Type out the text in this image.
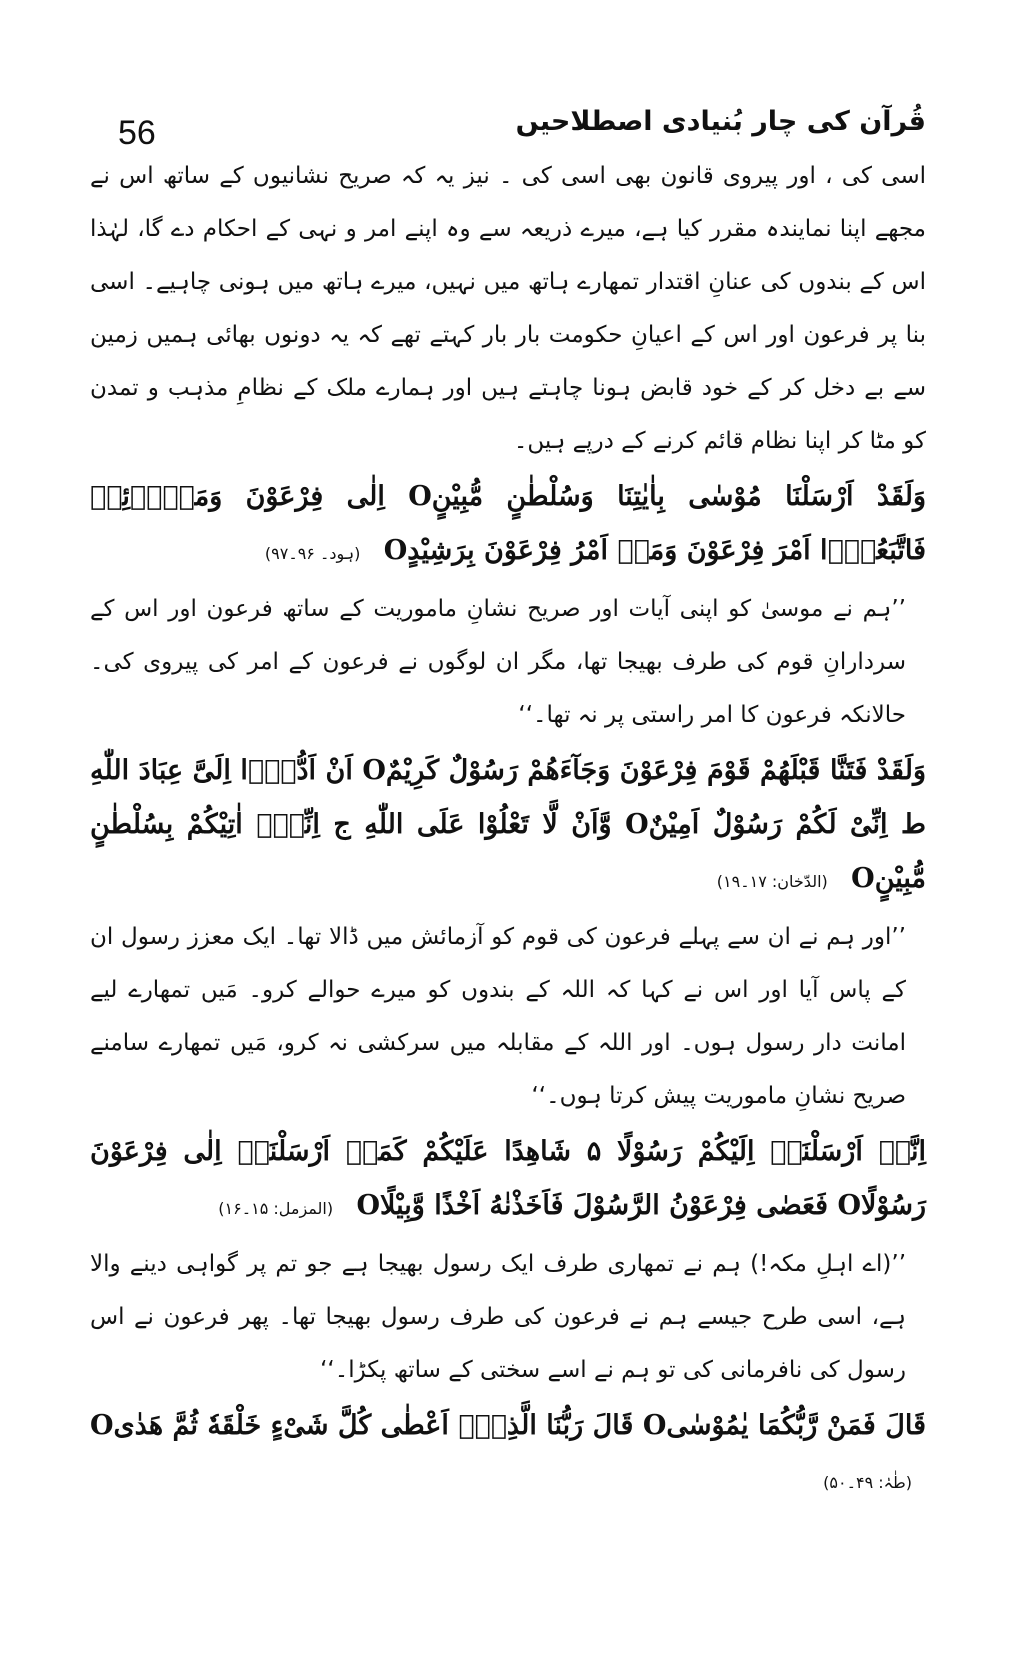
56	قُرآن کی چار بُنیادی اصطلاحیں

اسی کی ، اور پیروی قانون بھی اسی کی ۔ نیز یہ کہ صریح نشانیوں کے ساتھ اس نے مجھے اپنا نمایندہ مقرر کیا ہے، میرے ذریعہ سے وہ اپنے امر و نہی کے احکام دے گا، لہٰذا اس کے بندوں کی عنانِ اقتدار تمھارے ہاتھ میں نہیں، میرے ہاتھ میں ہونی چاہیے۔ اسی بنا پر فرعون اور اس کے اعیانِ حکومت بار بار کہتے تھے کہ یہ دونوں بھائی ہمیں زمین سے بے دخل کر کے خود قابض ہونا چاہتے ہیں اور ہمارے ملک کے نظامِ مذہب و تمدن کو مٹا کر اپنا نظام قائم کرنے کے درپے ہیں۔

وَلَقَدْ اَرْسَلْنَا مُوْسٰی بِاٰیٰتِنَا وَسُلْطٰنٍ مُّبِیْنٍO اِلٰی فِرْعَوْنَ وَمَلَاۡئِهٖ فَاتَّبَعُوْۤا اَمْرَ فِرْعَوْنَ وَمَاۤ اَمْرُ فِرْعَوْنَ بِرَشِیْدٍO (ہود۔ ۹۶۔۹۷)

’’ہم نے موسیٰ کو اپنی آیات اور صریح نشانِ ماموریت کے ساتھ فرعون اور اس کے سردارانِ قوم کی طرف بھیجا تھا، مگر ان لوگوں نے فرعون کے امر کی پیروی کی۔ حالانکہ فرعون کا امر راستی پر نہ تھا۔‘‘

وَلَقَدْ فَتَنَّا قَبْلَهُمْ قَوْمَ فِرْعَوْنَ وَجَآءَهُمْ رَسُوْلٌ كَرِیْمٌO اَنْ اَدُّوْۤا اِلَیَّ عِبَادَ اللّٰهِ ط اِنِّیْ لَكُمْ رَسُوْلٌ اَمِیْنٌO وَّاَنْ لَّا تَعْلُوْا عَلَی اللّٰهِ ج اِنِّیْۤ اٰتِیْكُمْ بِسُلْطٰنٍ مُّبِیْنٍO (الدّخان: ۱۷۔۱۹)

’’اور ہم نے ان سے پہلے فرعون کی قوم کو آزمائش میں ڈالا تھا۔ ایک معزز رسول ان کے پاس آیا اور اس نے کہا کہ اللہ کے بندوں کو میرے حوالے کرو۔ مَیں تمھارے لیے امانت دار رسول ہوں۔ اور اللہ کے مقابلہ میں سرکشی نہ کرو، مَیں تمھارے سامنے صریح نشانِ ماموریت پیش کرتا ہوں۔‘‘

اِنَّاۤ اَرْسَلْنَاۤ اِلَیْكُمْ رَسُوْلًا ۵ شَاهِدًا عَلَیْكُمْ كَمَاۤ اَرْسَلْنَاۤ اِلٰی فِرْعَوْنَ رَسُوْلًاO فَعَصٰی فِرْعَوْنُ الرَّسُوْلَ فَاَخَذْنٰهُ اَخْذًا وَّبِیْلًاO (المزمل: ۱۵۔۱۶)

’’(اے اہلِ مکہ!) ہم نے تمھاری طرف ایک رسول بھیجا ہے جو تم پر گواہی دینے والا ہے، اسی طرح جیسے ہم نے فرعون کی طرف رسول بھیجا تھا۔ پھر فرعون نے اس رسول کی نافرمانی کی تو ہم نے اسے سختی کے ساتھ پکڑا۔‘‘

قَالَ فَمَنْ رَّبُّكُمَا یٰمُوْسٰیO قَالَ رَبُّنَا الَّذِیْۤ اَعْطٰی كُلَّ شَیْءٍ خَلْقَهٗ ثُمَّ هَدٰیO (طٰہٰ: ۴۹۔۵۰)
